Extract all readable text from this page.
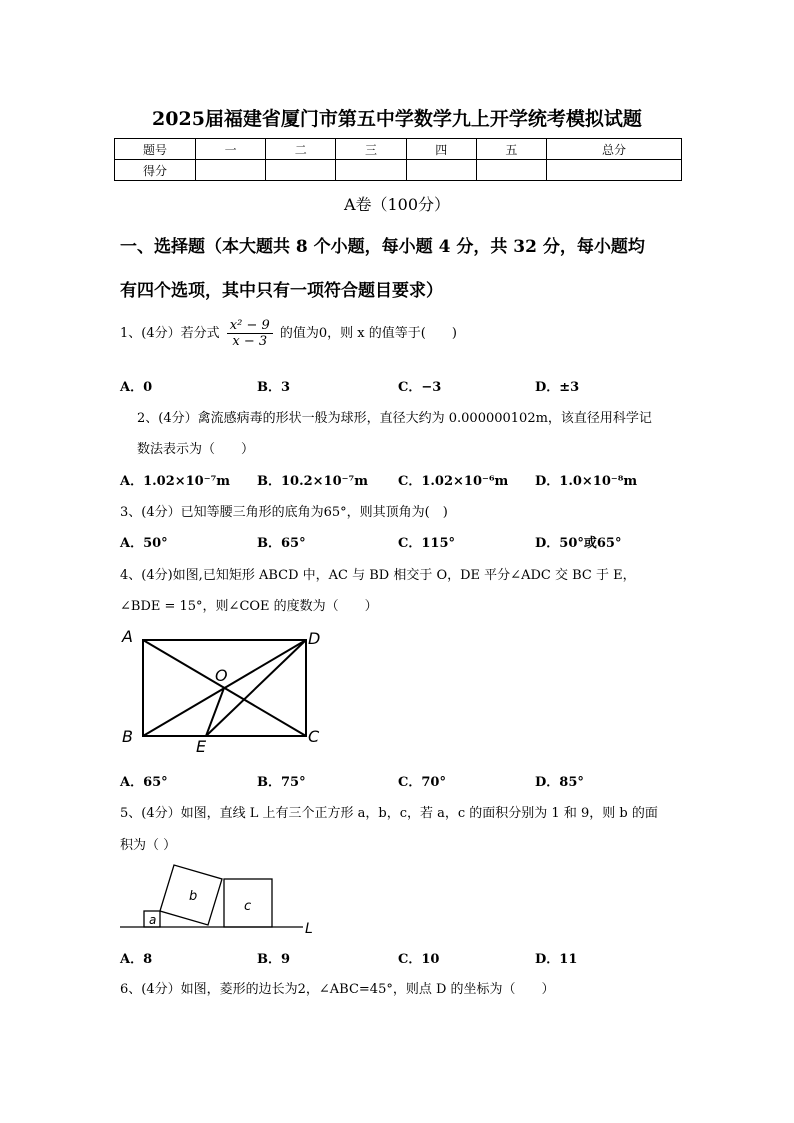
2025届福建省厦门市第五中学数学九上开学统考模拟试题
题号	一	二	三	四	五	总分
得分						
A卷（100分）
一、选择题（本大题共 8 个小题，每小题 4 分，共 32 分，每小题均
有四个选项，其中只有一项符合题目要求）
1、(4分）若分式 $\frac{\text{x² − 9}}{x - 3}$ 的值为0，则 x 的值等于(　　)
A．0	B．3	C．−3	D．±3
2、(4分）禽流感病毒的形状一般为球形，直径大约为 0.000000102m，该直径用科学记
数法表示为（　　）
A．1.02×10⁻⁷m B．10.2×10⁻⁷m C．1.02×10⁻⁶m D．1.0×10⁻⁸m
3、(4分）已知等腰三角形的底角为65°，则其顶角为(　)
A．50°	B．65°	C．115°	D．50°或65°
4、(4分)如图,已知矩形 ABCD 中，AC 与 BD 相交于 O，DE 平分∠ADC 交 BC 于 E，
∠BDE = 15°，则∠COE 的度数为（　　）
A	D
O
B
E
C
A．65°	B．75°	C．70°	D．85°
5、(4分）如图，直线 L 上有三个正方形 a，b，c，若 a，c 的面积分别为 1 和 9，则 b 的面
积为（ ）
a
b
c
L
A．8	B．9	C．10	D．11
6、(4分）如图，菱形的边长为2，∠ABC=45°，则点 D 的坐标为（　　）
